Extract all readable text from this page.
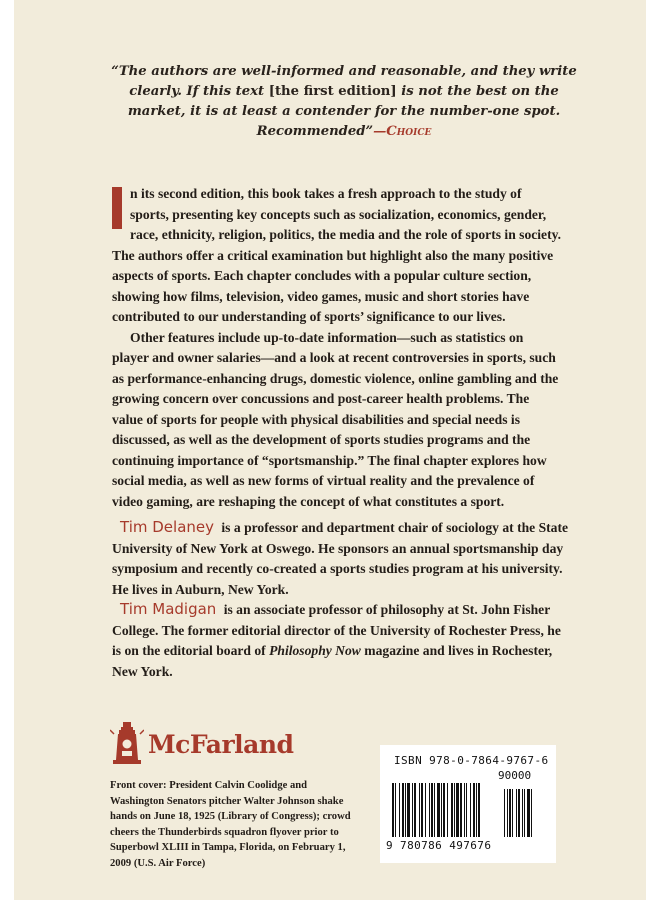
“The authors are well-informed and reasonable, and they write clearly. If this text [the first edition] is not the best on the market, it is at least a contender for the number-one spot. Recommended”—Choice

n its second edition, this book takes a fresh approach to the study of sports, presenting key concepts such as socialization, economics, gender, race, ethnicity, religion, politics, the media and the role of sports in society. The authors offer a critical examination but highlight also the many positive aspects of sports. Each chapter concludes with a popular culture section, showing how films, television, video games, music and short stories have contributed to our understanding of sports’ significance to our lives.

Other features include up-to-date information—such as statistics on player and owner salaries—and a look at recent controversies in sports, such as performance-enhancing drugs, domestic violence, online gambling and the growing concern over concussions and post-career health problems. The value of sports for people with physical disabilities and special needs is discussed, as well as the development of sports studies programs and the continuing importance of “sportsmanship.” The final chapter explores how social media, as well as new forms of virtual reality and the prevalence of video gaming, are reshaping the concept of what constitutes a sport.

Tim Delaney is a professor and department chair of sociology at the State University of New York at Oswego. He sponsors an annual sportsmanship day symposium and recently co-created a sports studies program at his university. He lives in Auburn, New York.
Tim Madigan is an associate professor of philosophy at St. John Fisher College. The former editorial director of the University of Rochester Press, he is on the editorial board of Philosophy Now magazine and lives in Rochester, New York.
McFarland
Front cover: President Calvin Coolidge and Washington Senators pitcher Walter Johnson shake hands on June 18, 1925 (Library of Congress); crowd cheers the Thunderbirds squadron flyover prior to Superbowl XLIII in Tampa, Florida, on February 1, 2009 (U.S. Air Force)
ISBN 978-0-7864-9767-6
90000
9 780786 497676
